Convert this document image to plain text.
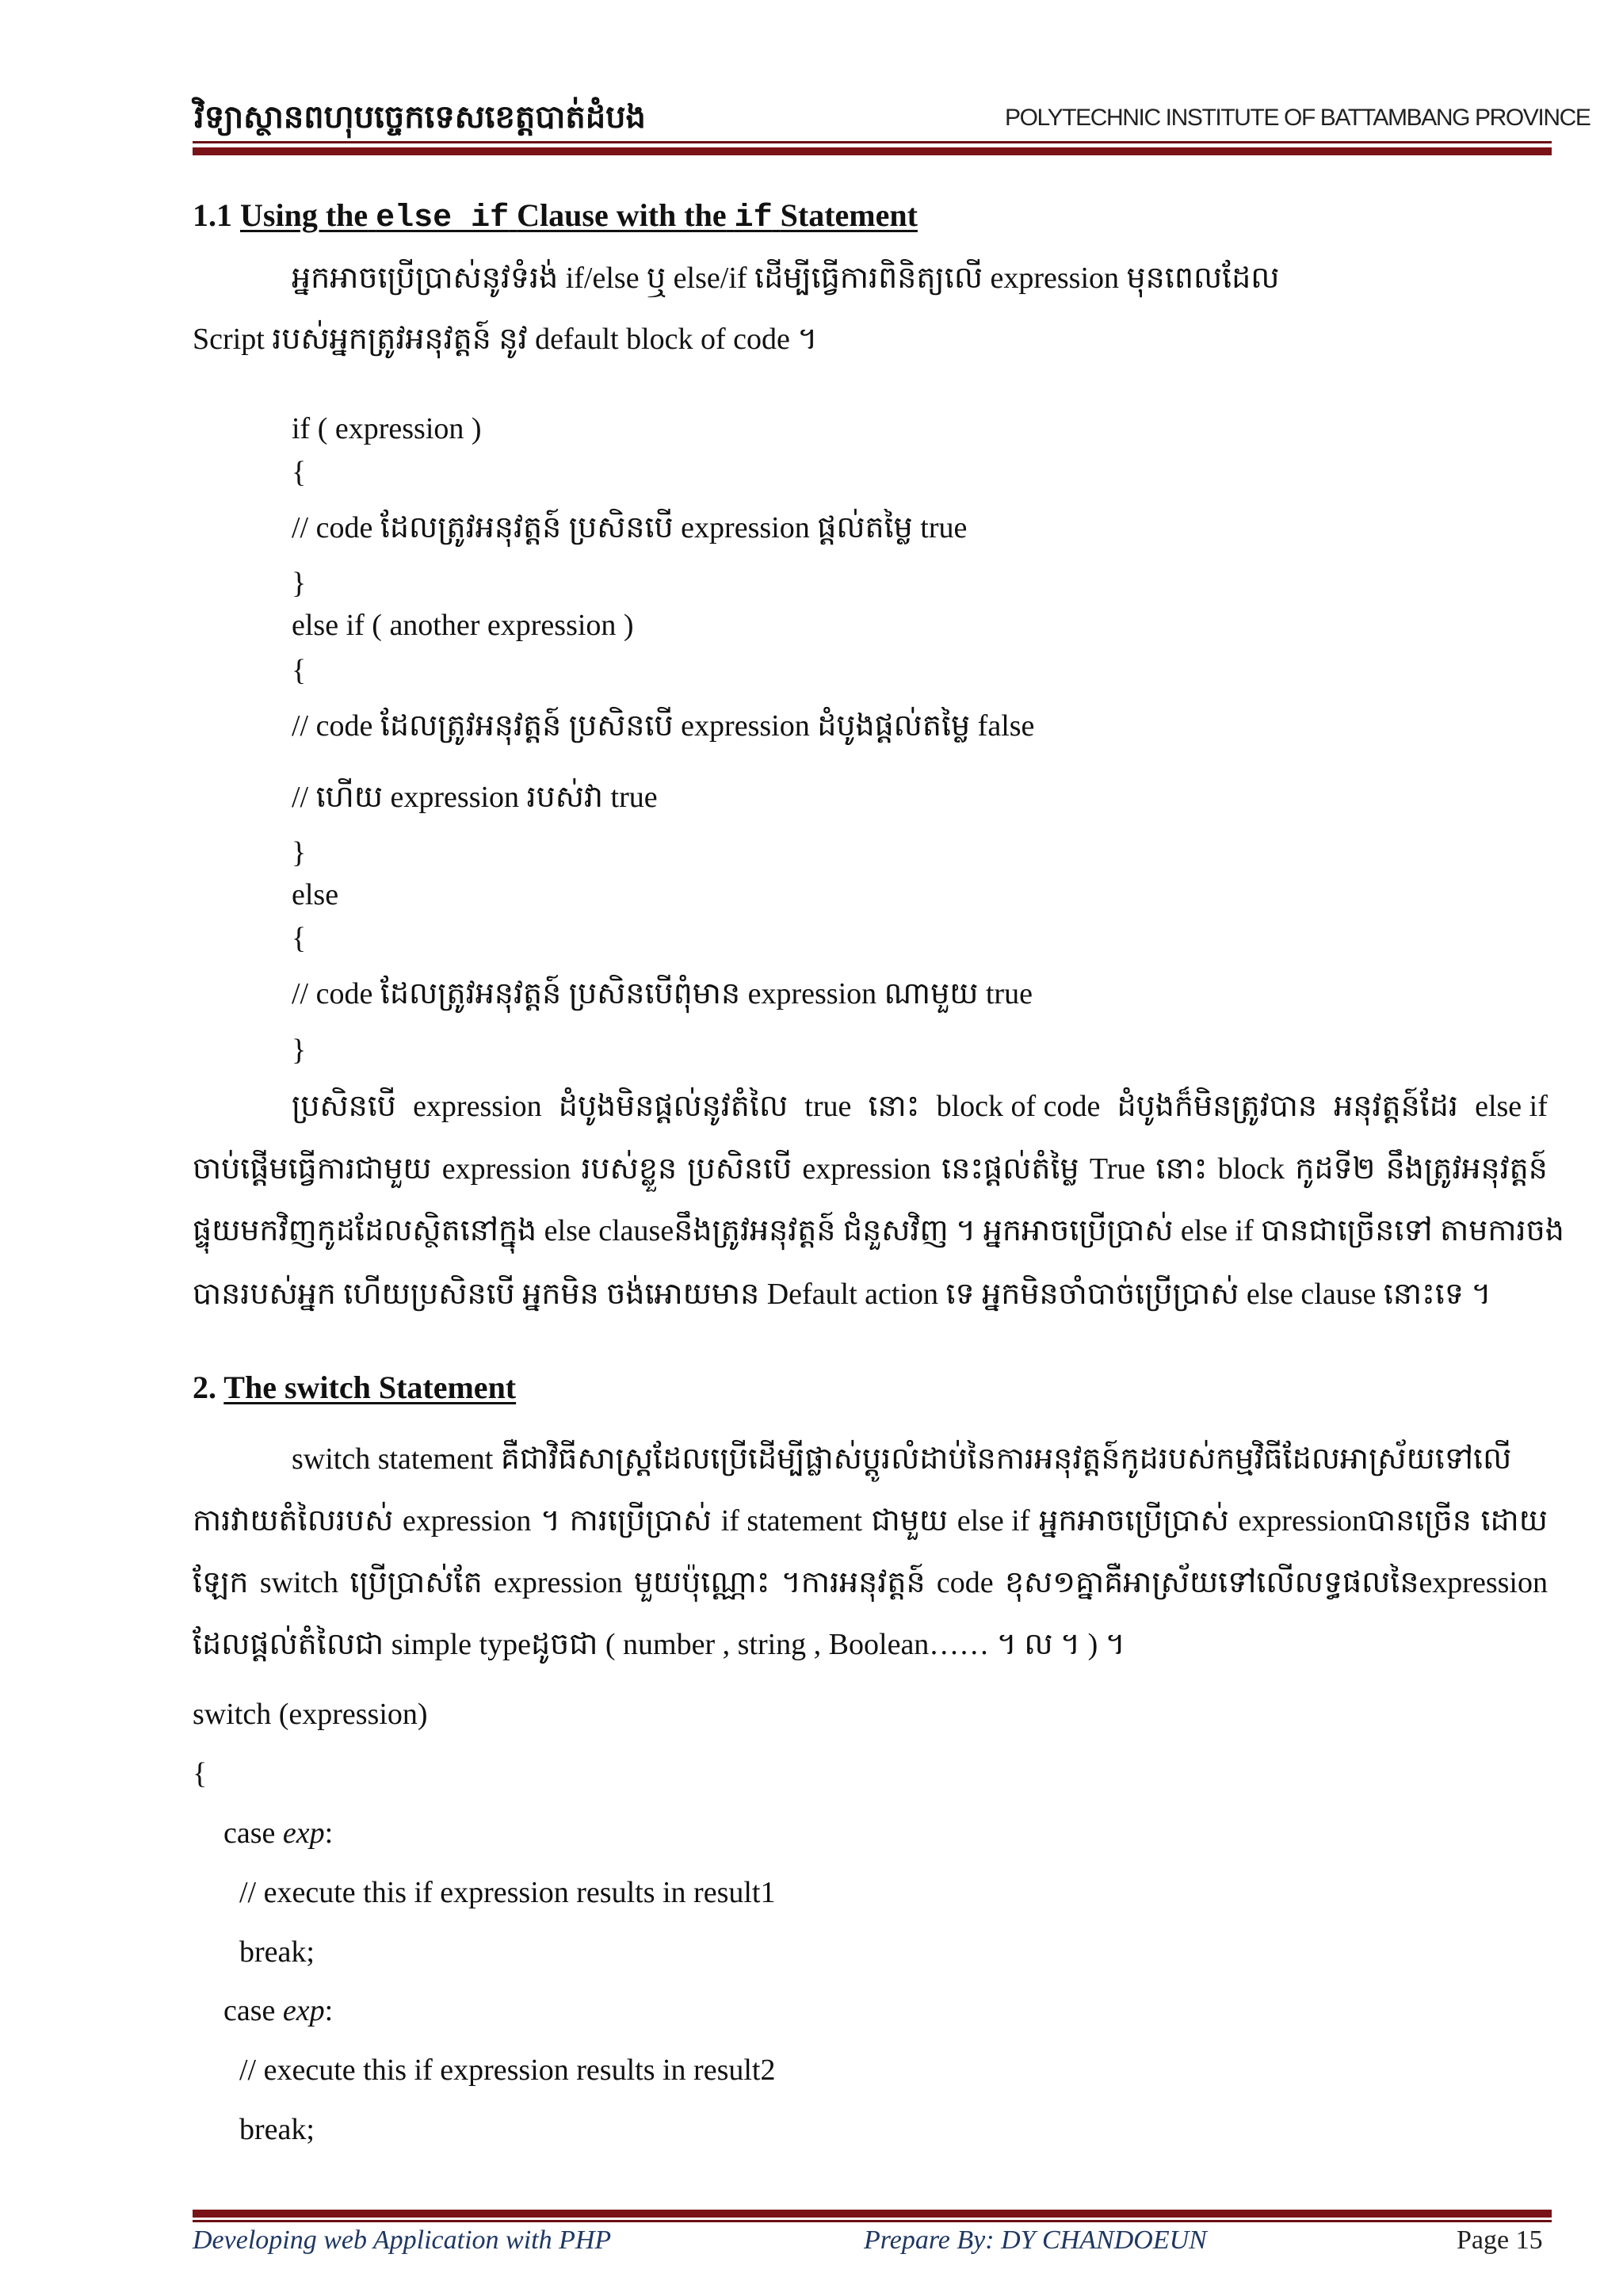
វិទ្យាស្ថានពហុបច្ចេកទេសខេត្តបាត់ដំបង	POLYTECHNIC INSTITUTE OF BATTAMBANG PROVINCE
1.1 Using the else if Clause with the if Statement
អ្នកអាចប្រើប្រាស់នូវទំរង់ if/else ឬ else/if ដើម្បីធ្វើការពិនិត្យលើ expression មុនពេលដែល
Script របស់អ្នកត្រូវអនុវត្តន៍ នូវ default block of code ។
if ( expression )
{
// code ដែលត្រូវអនុវត្តន៍ ប្រសិនបើ expression ផ្តល់តម្លៃ true
}
else if ( another expression )
{
// code ដែលត្រូវអនុវត្តន៍ ប្រសិនបើ expression ដំបូងផ្តល់តម្លៃ false
// ហើយ expression របស់វា true
}
else
{
// code ដែលត្រូវអនុវត្តន៍ ប្រសិនបើពុំមាន expression ណាមួយ true
}
ប្រសិនបើ expression ដំបូងមិនផ្តល់នូវតំលៃ true នោះ block of code ដំបូងក៏មិនត្រូវបាន អនុវត្តន៍ដែរ else if
ចាប់ផ្តើមធ្វើការជាមួយ expression របស់ខ្លួន ប្រសិនបើ expression នេះផ្តល់តំម្លៃ True នោះ block កូដទី២ នឹងត្រូវអនុវត្តន៍
ផ្ទុយមកវិញកូដដែលស្ថិតនៅក្នុង else clauseនឹងត្រូវអនុវត្តន៍ ជំនួសវិញ ។ អ្នកអាចប្រើប្រាស់ else if បានជាច្រើនទៅ តាមការចង
បានរបស់អ្នក ហើយប្រសិនបើ អ្នកមិន ចង់អោយមាន Default action ទេ អ្នកមិនចាំបាច់ប្រើប្រាស់ else clause នោះទេ ។
2. The switch Statement
switch statement គឺជាវិធីសាស្ត្រដែលប្រើដើម្បីផ្លាស់ប្តូរលំដាប់នៃការអនុវត្តន៍កូដរបស់កម្មវិធីដែលអាស្រ័យទៅលើ
ការវាយតំលៃរបស់ expression ។ ការប្រើប្រាស់ if statement ជាមួយ else if អ្នកអាចប្រើប្រាស់ expressionបានច្រើន ដោយ
ឡែក switch ប្រើប្រាស់តែ expression មួយប៉ុណ្ណោះ ។ការអនុវត្តន៍ code ខុស១គ្នាគឺអាស្រ័យទៅលើលទ្ធផលនៃexpression
ដែលផ្តល់តំលៃជា simple typeដូចជា ( number , string , Boolean…… ។ ល ។ ) ។
switch (expression)
{
case exp:
// execute this if expression results in result1
break;
case exp:
// execute this if expression results in result2
break;
Developing web Application with PHP	Prepare By: DY CHANDOEUN	Page 15
